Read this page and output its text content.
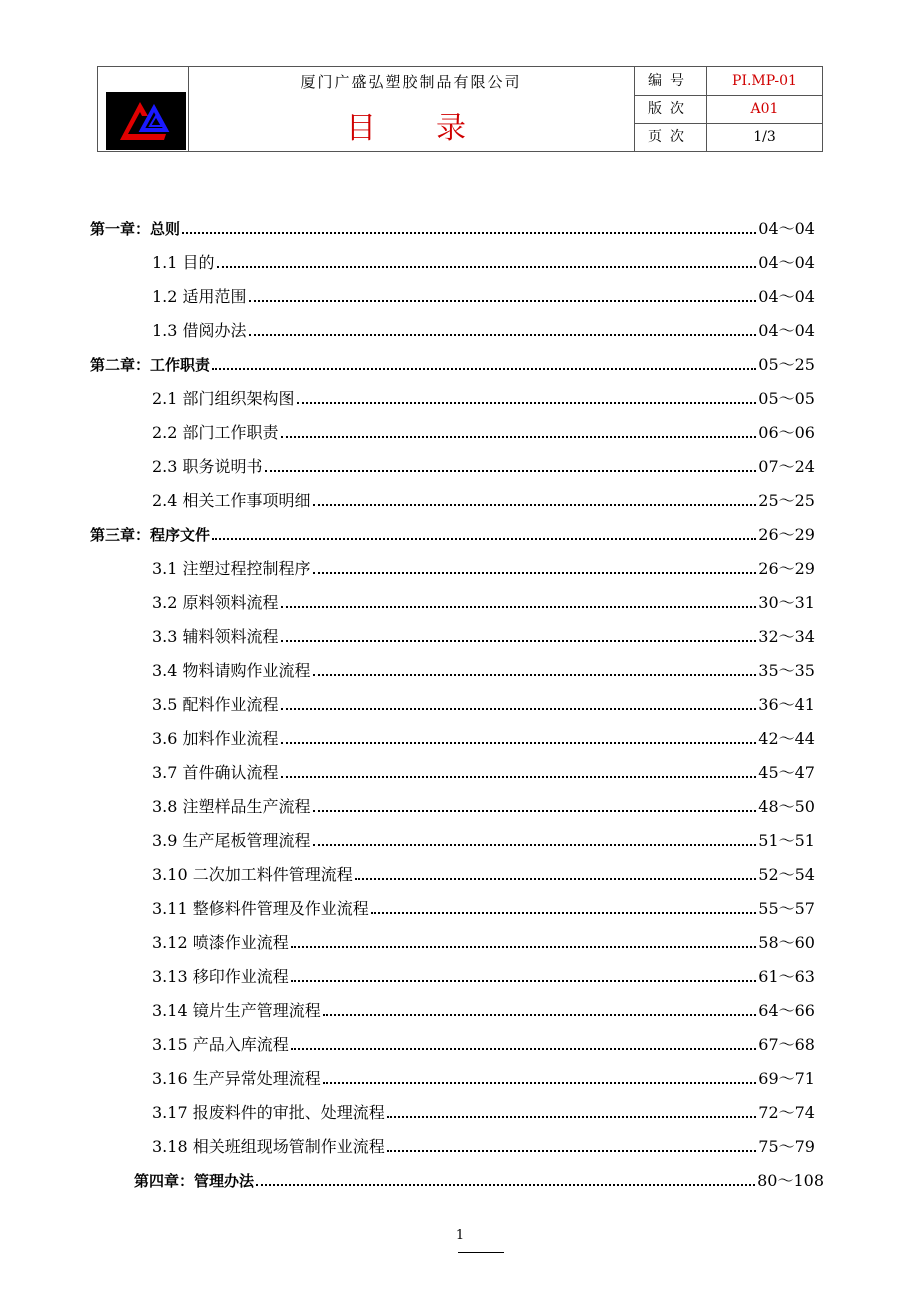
厦门广盛弘塑胶制品有限公司
目录
编号	PI.MP-01
版次	A01
页次	1/3
第一章：总则	04～04
1.1 目的	04～04
1.2 适用范围	04～04
1.3 借阅办法	04～04
第二章：工作职责	05～25
2.1 部门组织架构图	05～05
2.2 部门工作职责	06～06
2.3 职务说明书	07～24
2.4 相关工作事项明细	25～25
第三章：程序文件	26～29
3.1 注塑过程控制程序	26～29
3.2 原料领料流程	30～31
3.3 辅料领料流程	32～34
3.4 物料请购作业流程	35～35
3.5 配料作业流程	36～41
3.6 加料作业流程	42～44
3.7 首件确认流程	45～47
3.8 注塑样品生产流程	48～50
3.9 生产尾板管理流程	51～51
3.10 二次加工料件管理流程	52～54
3.11 整修料件管理及作业流程	55～57
3.12 喷漆作业流程	58～60
3.13 移印作业流程	61～63
3.14 镜片生产管理流程	64～66
3.15 产品入库流程	67～68
3.16 生产异常处理流程	69～71
3.17 报废料件的审批、处理流程	72～74
3.18 相关班组现场管制作业流程	75～79
第四章：管理办法	80～108
1
